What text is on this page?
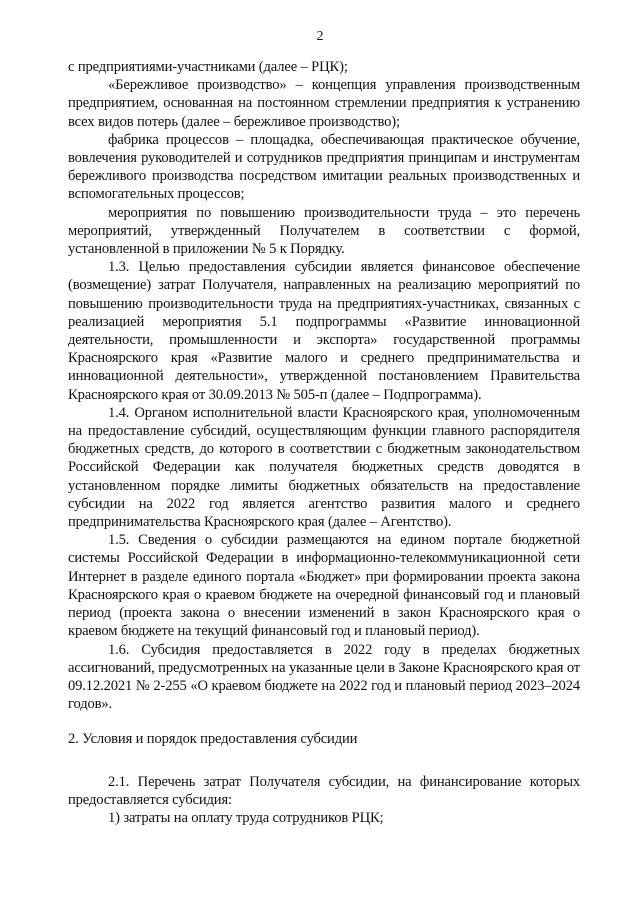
2

с предприятиями-участниками (далее – РЦК);

«Бережливое производство» – концепция управления производственным предприятием, основанная на постоянном стремлении предприятия к устранению всех видов потерь (далее – бережливое производство);

фабрика процессов – площадка, обеспечивающая практическое обучение, вовлечения руководителей и сотрудников предприятия принципам и инструментам бережливого производства посредством имитации реальных производственных и вспомогательных процессов;

мероприятия по повышению производительности труда – это перечень мероприятий, утвержденный Получателем в соответствии с формой, установленной в приложении № 5 к Порядку.

1.3. Целью предоставления субсидии является финансовое обеспечение (возмещение) затрат Получателя, направленных на реализацию мероприятий по повышению производительности труда на предприятиях-участниках, связанных с реализацией мероприятия 5.1 подпрограммы «Развитие инновационной деятельности, промышленности и экспорта» государственной программы Красноярского края «Развитие малого и среднего предпринимательства и инновационной деятельности», утвержденной постановлением Правительства Красноярского края от 30.09.2013 № 505-п (далее – Подпрограмма).

1.4. Органом исполнительной власти Красноярского края, уполномоченным на предоставление субсидий, осуществляющим функции главного распорядителя бюджетных средств, до которого в соответствии с бюджетным законодательством Российской Федерации как получателя бюджетных средств доводятся в установленном порядке лимиты бюджетных обязательств на предоставление субсидии на 2022 год является агентство развития малого и среднего предпринимательства Красноярского края (далее – Агентство).

1.5. Сведения о субсидии размещаются на едином портале бюджетной системы Российской Федерации в информационно-телекоммуникационной сети Интернет в разделе единого портала «Бюджет» при формировании проекта закона Красноярского края о краевом бюджете на очередной финансовый год и плановый период (проекта закона о внесении изменений в закон Красноярского края о краевом бюджете на текущий финансовый год и плановый период).

1.6. Субсидия предоставляется в 2022 году в пределах бюджетных ассигнований, предусмотренных на указанные цели в Законе Красноярского края от 09.12.2021 № 2-255 «О краевом бюджете на 2022 год и плановый период 2023–2024 годов».

2. Условия и порядок предоставления субсидии

2.1. Перечень затрат Получателя субсидии, на финансирование которых предоставляется субсидия:

1) затраты на оплату труда сотрудников РЦК;
